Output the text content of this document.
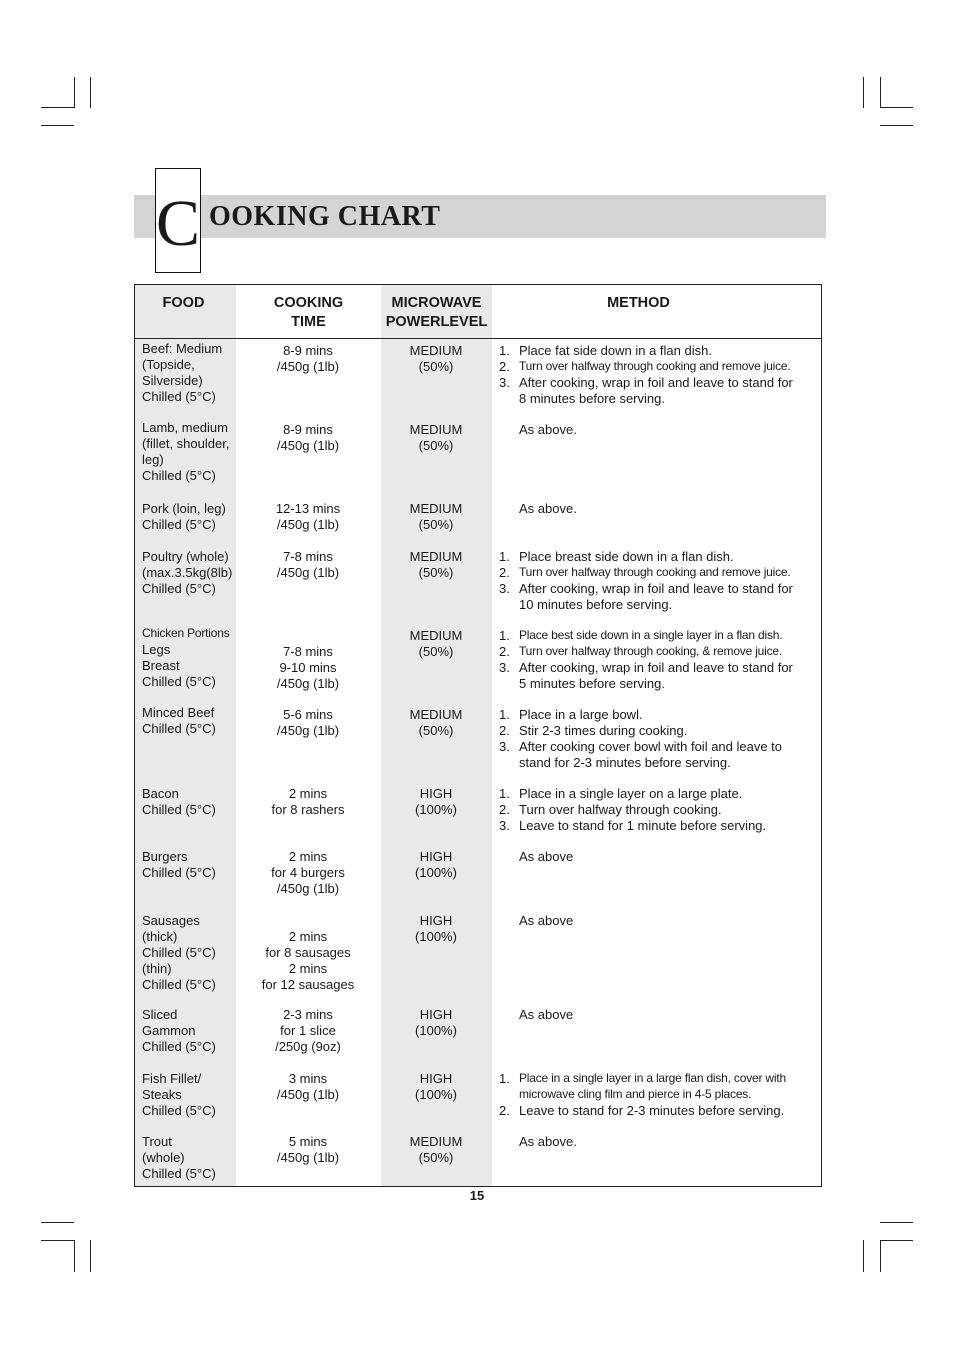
C OOKING CHART
FOOD	COOKING
TIME
MICROWAVE
POWERLEVEL
METHOD
Beef: Medium
(Topside,
Silverside)
Chilled (5°C)
8-9 mins
/450g (1lb)
MEDIUM
(50%)
1. Place fat side down in a flan dish.
2. Turn over halfway through cooking and remove juice.
3. After cooking, wrap in foil and leave to stand for
8 minutes before serving.
Lamb, medium
(fillet, shoulder,
leg)
Chilled (5°C)
8-9 mins
/450g (1lb)
MEDIUM
(50%)
As above.
Pork (loin, leg)
Chilled (5°C)
12-13 mins
/450g (1lb)
MEDIUM
(50%)
As above.
Poultry (whole)
(max.3.5kg(8lb)
Chilled (5°C)
7-8 mins
/450g (1lb)
MEDIUM
(50%)
1. Place breast side down in a flan dish.
2. Turn over halfway through cooking and remove juice.
3. After cooking, wrap in foil and leave to stand for
10 minutes before serving.
Chicken Portions
Legs
Breast
Chilled (5°C)

7-8 mins
9-10 mins
/450g (1lb)
MEDIUM
(50%)
1. Place best side down in a single layer in a flan dish.
2. Turn over halfway through cooking, & remove juice.
3. After cooking, wrap in foil and leave to stand for
5 minutes before serving.
Minced Beef
Chilled (5°C)
5-6 mins
/450g (1lb)
MEDIUM
(50%)
1. Place in a large bowl.
2. Stir 2-3 times during cooking.
3. After cooking cover bowl with foil and leave to
stand for 2-3 minutes before serving.
Bacon
Chilled (5°C)
2 mins
for 8 rashers
HIGH
(100%)
1. Place in a single layer on a large plate.
2. Turn over halfway through cooking.
3. Leave to stand for 1 minute before serving.
Burgers
Chilled (5°C)
2 mins
for 4 burgers
/450g (1lb)
HIGH
(100%)
As above
Sausages
(thick)
Chilled (5°C)
(thin)
Chilled (5°C)

2 mins
for 8 sausages
2 mins
for 12 sausages
HIGH
(100%)
As above
Sliced
Gammon
Chilled (5°C)
2-3 mins
for 1 slice
/250g (9oz)
HIGH
(100%)
As above
Fish Fillet/
Steaks
Chilled (5°C)
3 mins
/450g (1lb)
HIGH
(100%)
1. Place in a single layer in a large flan dish, cover with
microwave cling film and pierce in 4-5 places.
2. Leave to stand for 2-3 minutes before serving.
Trout
(whole)
Chilled (5°C)
5 mins
/450g (1lb)
MEDIUM
(50%)
As above.
15
